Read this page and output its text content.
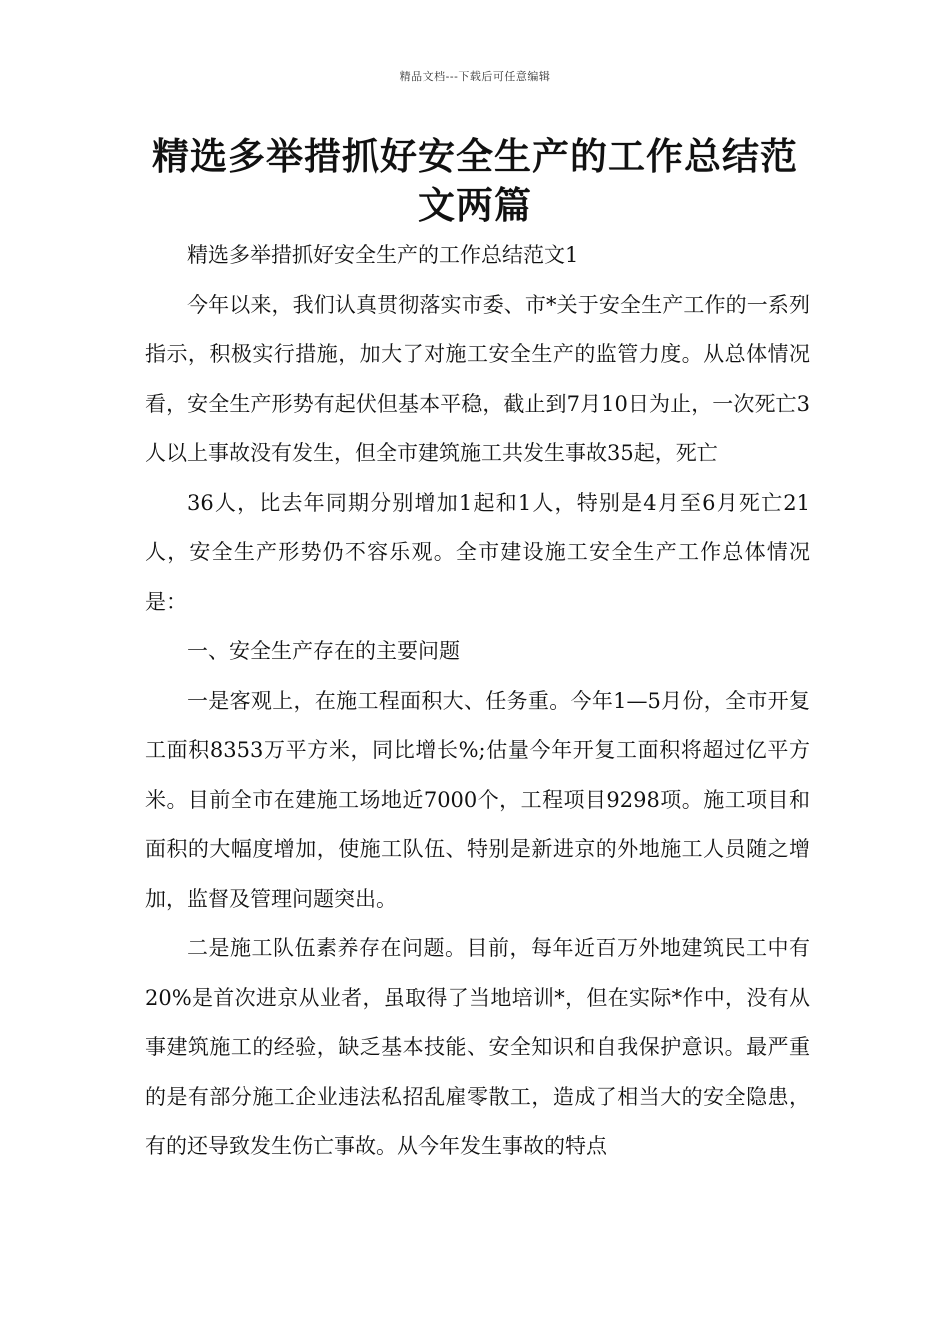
精品文档---下载后可任意编辑
精选多举措抓好安全生产的工作总结范
文两篇

精选多举措抓好安全生产的工作总结范文1

今年以来，我们认真贯彻落实市委、市*关于安全生产工作的一系列指示，积极实行措施，加大了对施工安全生产的监管力度。从总体情况看，安全生产形势有起伏但基本平稳，截止到7月10日为止，一次死亡3人以上事故没有发生，但全市建筑施工共发生事故35起，死亡

36人，比去年同期分别增加1起和1人，特别是4月至6月死亡21人，安全生产形势仍不容乐观。全市建设施工安全生产工作总体情况是：

一、安全生产存在的主要问题

一是客观上，在施工程面积大、任务重。今年1—5月份，全市开复工面积8353万平方米，同比增长%;估量今年开复工面积将超过亿平方米。目前全市在建施工场地近7000个，工程项目9298项。施工项目和面积的大幅度增加，使施工队伍、特别是新进京的外地施工人员随之增加，监督及管理问题突出。

二是施工队伍素养存在问题。目前，每年近百万外地建筑民工中有20%是首次进京从业者，虽取得了当地培训*，但在实际*作中，没有从事建筑施工的经验，缺乏基本技能、安全知识和自我保护意识。最严重的是有部分施工企业违法私招乱雇零散工，造成了相当大的安全隐患，有的还导致发生伤亡事故。从今年发生事故的特点
